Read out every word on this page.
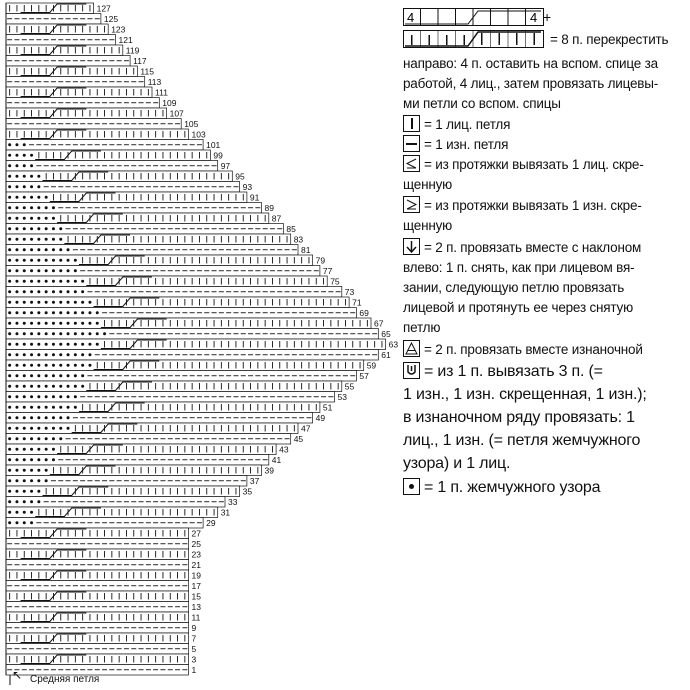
127
125
123
121
119
117
115
113
111
109
107
105
103
101
99
97
95
93
91
89
87
85
83
81
79
77
75
73
71
69
67
65
63
61
59
57
55
53
51
49
47
45
43
41
39
37
35
33
31
29
27
25
23
21
19
17
15
13
11
9
7
5
3
1
↖ Средняя петля
4	4 +
= 8 п. перекрестить
направо: 4 п. оставить на вспом. спице за
работой, 4 лиц., затем провязать лицевы-
ми петли со вспом. спицы
= 1 лиц. петля
= 1 изн. петля
= из протяжки вывязать 1 лиц. скре-
щенную
= из протяжки вывязать 1 изн. скре-
щенную
= 2 п. провязать вместе с наклоном
влево: 1 п. снять, как при лицевом вя-
зании, следующую петлю провязать
лицевой и протянуть ее через снятую
петлю
= 2 п. провязать вместе изнаночной
= из 1 п. вывязать 3 п. (=
1 изн., 1 изн. скрещенная, 1 изн.);
в изнаночном ряду провязать: 1
лиц., 1 изн. (= петля жемчужного
узора) и 1 лиц.
= 1 п. жемчужного узора
